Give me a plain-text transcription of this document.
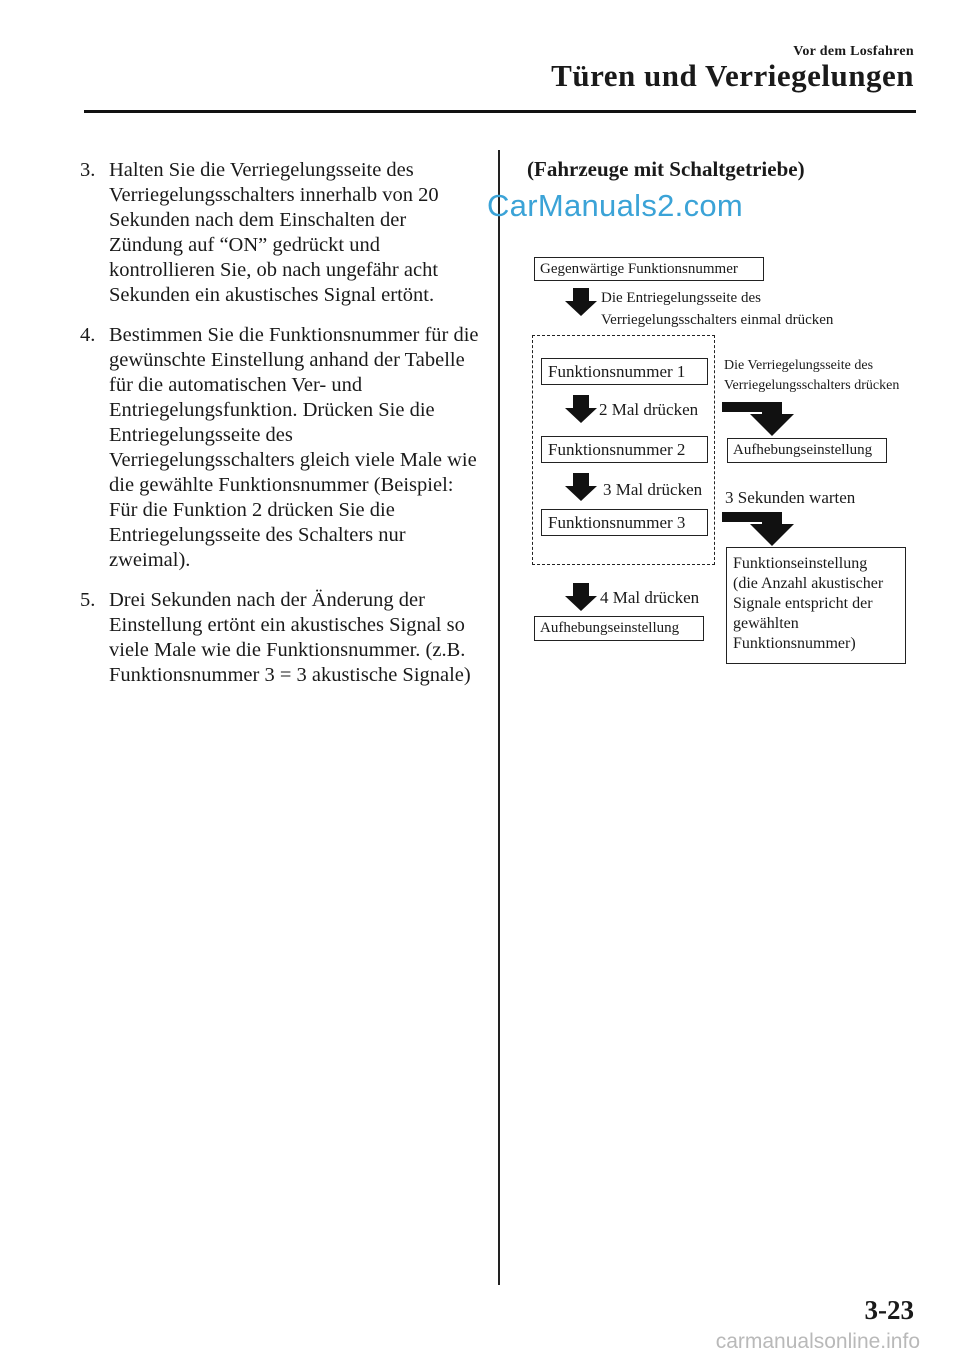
Vor dem Losfahren
Türen und Verriegelungen
3. Halten Sie die Verriegelungsseite des Verriegelungsschalters innerhalb von 20 Sekunden nach dem Einschalten der Zündung auf “ON” gedrückt und kontrollieren Sie, ob nach ungefähr acht Sekunden ein akustisches Signal ertönt.
4. Bestimmen Sie die Funktionsnummer für die gewünschte Einstellung anhand der Tabelle für die automatischen Ver- und Entriegelungsfunktion. Drücken Sie die Entriegelungsseite des Verriegelungsschalters gleich viele Male wie die gewählte Funktionsnummer (Beispiel: Für die Funktion 2 drücken Sie die Entriegelungsseite des Schalters nur zweimal).
5. Drei Sekunden nach der Änderung der Einstellung ertönt ein akustisches Signal so viele Male wie die Funktionsnummer. (z.B. Funktionsnummer 3 = 3 akustische Signale)
(Fahrzeuge mit Schaltgetriebe)
CarManuals2.com
Gegenwärtige Funktionsnummer
Die Entriegelungsseite des
Verriegelungsschalters einmal drücken
Funktionsnummer 1
2 Mal drücken
Funktionsnummer 2
3 Mal drücken
Funktionsnummer 3
4 Mal drücken
Aufhebungseinstellung
Die Verriegelungsseite des
Verriegelungsschalters drücken
Aufhebungseinstellung
3 Sekunden warten
Funktionseinstellung
(die Anzahl akustischer
Signale entspricht der
gewählten
Funktionsnummer)
3-23
carmanualsonline.info
